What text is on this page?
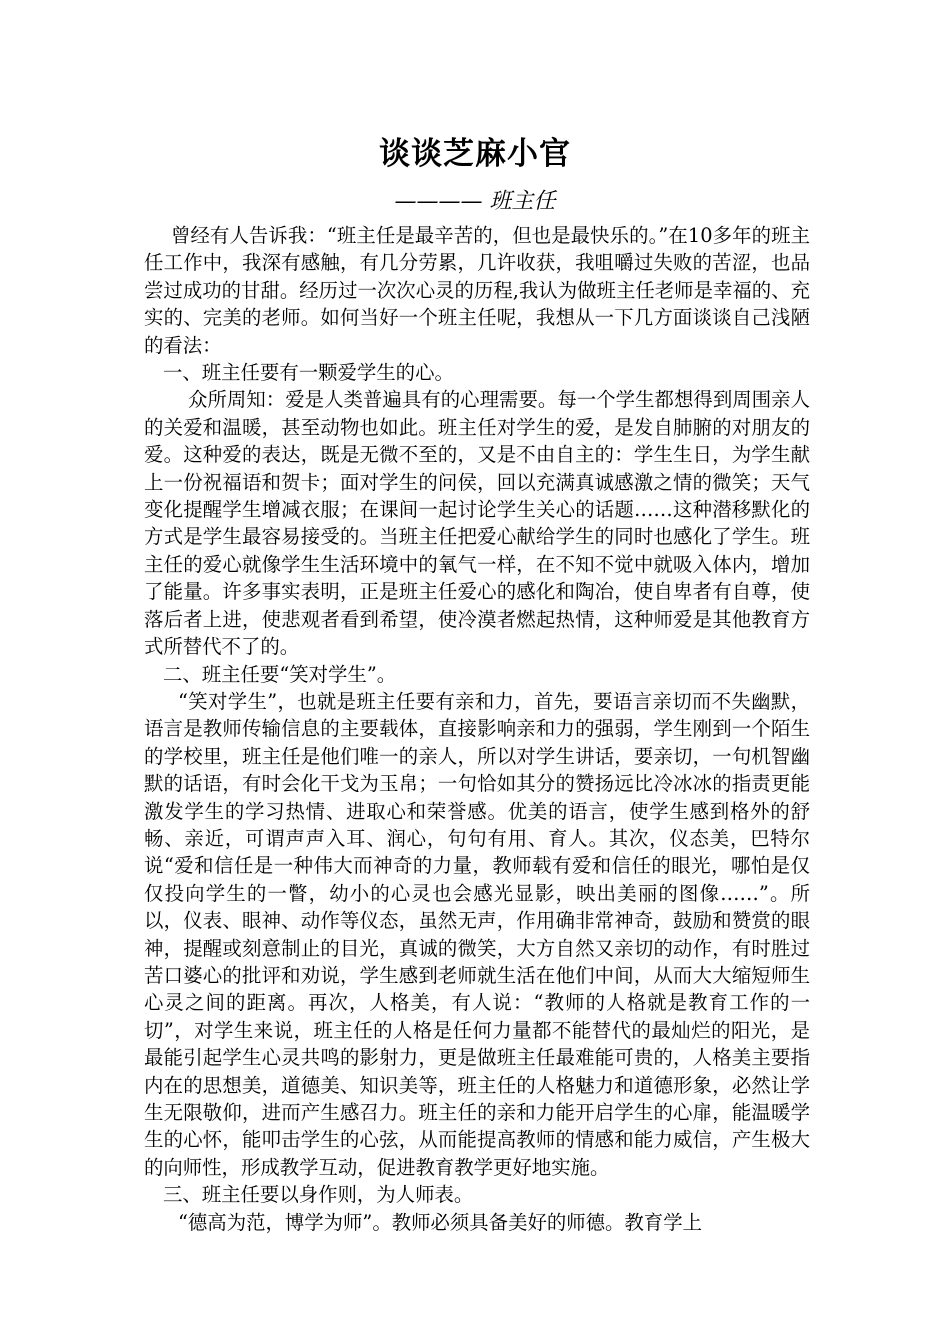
谈谈芝麻小官
———— 班主任

曾经有人告诉我：“班主任是最辛苦的，但也是最快乐的。”在10多年的班主任工作中，我深有感触，有几分劳累，几许收获，我咀嚼过失败的苦涩，也品尝过成功的甘甜。经历过一次次心灵的历程,我认为做班主任老师是幸福的、充实的、完美的老师。如何当好一个班主任呢，我想从一下几方面谈谈自己浅陋的看法：

一、班主任要有一颗爱学生的心。

众所周知：爱是人类普遍具有的心理需要。每一个学生都想得到周围亲人的关爱和温暖，甚至动物也如此。班主任对学生的爱，是发自肺腑的对朋友的爱。这种爱的表达，既是无微不至的，又是不由自主的：学生生日，为学生献上一份祝福语和贺卡；面对学生的问侯，回以充满真诚感激之情的微笑；天气变化提醒学生增减衣服；在课间一起讨论学生关心的话题……这种潜移默化的方式是学生最容易接受的。当班主任把爱心献给学生的同时也感化了学生。班主任的爱心就像学生生活环境中的氧气一样，在不知不觉中就吸入体内，增加了能量。许多事实表明，正是班主任爱心的感化和陶冶，使自卑者有自尊，使落后者上进，使悲观者看到希望，使冷漠者燃起热情，这种师爱是其他教育方式所替代不了的。

二、班主任要“笑对学生”。

“笑对学生”，也就是班主任要有亲和力，首先，要语言亲切而不失幽默，语言是教师传输信息的主要载体，直接影响亲和力的强弱，学生刚到一个陌生的学校里，班主任是他们唯一的亲人，所以对学生讲话，要亲切，一句机智幽默的话语，有时会化干戈为玉帛；一句恰如其分的赞扬远比冷冰冰的指责更能激发学生的学习热情、进取心和荣誉感。优美的语言，使学生感到格外的舒畅、亲近，可谓声声入耳、润心，句句有用、育人。其次，仪态美，巴特尔说“爱和信任是一种伟大而神奇的力量，教师载有爱和信任的眼光，哪怕是仅仅投向学生的一瞥，幼小的心灵也会感光显影，映出美丽的图像……”。所以，仪表、眼神、动作等仪态，虽然无声，作用确非常神奇，鼓励和赞赏的眼神，提醒或刻意制止的目光，真诚的微笑，大方自然又亲切的动作，有时胜过苦口婆心的批评和劝说，学生感到老师就生活在他们中间，从而大大缩短师生心灵之间的距离。再次，人格美，有人说：“教师的人格就是教育工作的一切”，对学生来说，班主任的人格是任何力量都不能替代的最灿烂的阳光，是最能引起学生心灵共鸣的影射力，更是做班主任最难能可贵的，人格美主要指内在的思想美，道德美、知识美等，班主任的人格魅力和道德形象，必然让学生无限敬仰，进而产生感召力。班主任的亲和力能开启学生的心扉，能温暖学生的心怀，能叩击学生的心弦，从而能提高教师的情感和能力威信，产生极大的向师性，形成教学互动，促进教育教学更好地实施。

三、班主任要以身作则，为人师表。

“德高为范，博学为师”。教师必须具备美好的师德。教育学上
